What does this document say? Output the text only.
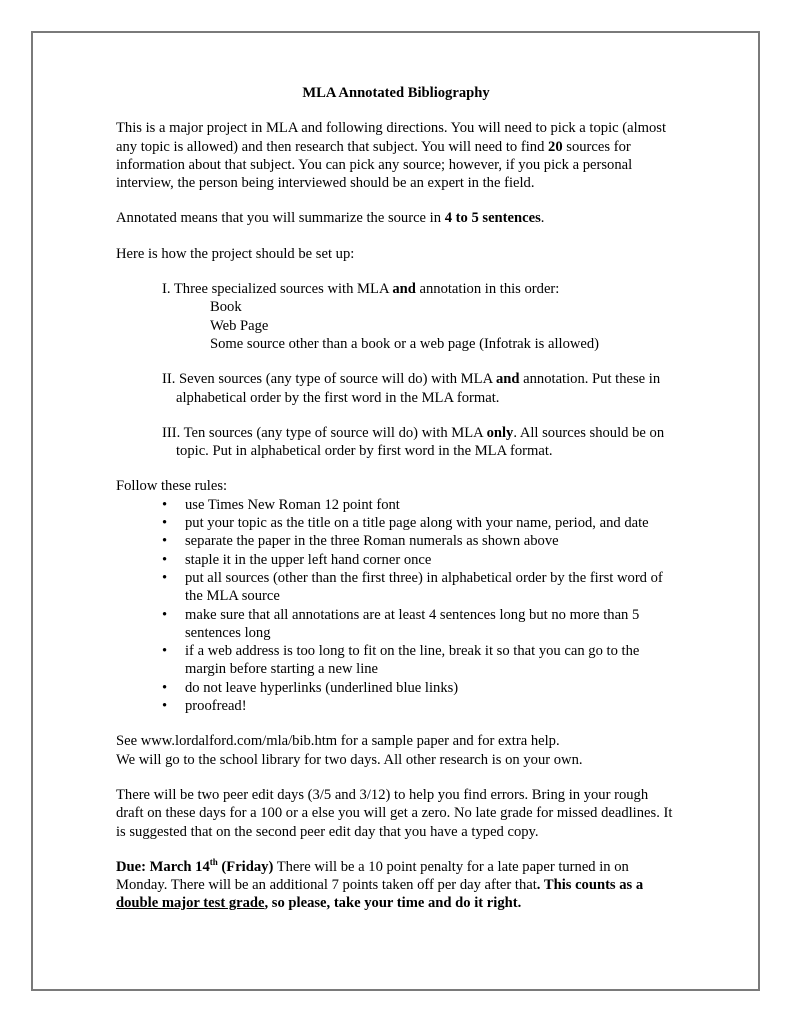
MLA Annotated Bibliography

This is a major project in MLA and following directions. You will need to pick a topic (almost any topic is allowed) and then research that subject. You will need to find 20 sources for information about that subject. You can pick any source; however, if you pick a personal interview, the person being interviewed should be an expert in the field.

Annotated means that you will summarize the source in 4 to 5 sentences.

Here is how the project should be set up:

I. Three specialized sources with MLA and annotation in this order:
Book
Web Page
Some source other than a book or a web page (Infotrak is allowed)

II. Seven sources (any type of source will do) with MLA and annotation. Put these in alphabetical order by the first word in the MLA format.

III. Ten sources (any type of source will do) with MLA only. All sources should be on topic. Put in alphabetical order by first word in the MLA format.

Follow these rules:

• use Times New Roman 12 point font
• put your topic as the title on a title page along with your name, period, and date
• separate the paper in the three Roman numerals as shown above
• staple it in the upper left hand corner once
• put all sources (other than the first three) in alphabetical order by the first word of the MLA source
• make sure that all annotations are at least 4 sentences long but no more than 5 sentences long
• if a web address is too long to fit on the line, break it so that you can go to the margin before starting a new line
• do not leave hyperlinks (underlined blue links)
• proofread!

See www.lordalford.com/mla/bib.htm for a sample paper and for extra help.
We will go to the school library for two days. All other research is on your own.

There will be two peer edit days (3/5 and 3/12) to help you find errors. Bring in your rough draft on these days for a 100 or a else you will get a zero. No late grade for missed deadlines. It is suggested that on the second peer edit day that you have a typed copy.

Due: March 14th (Friday) There will be a 10 point penalty for a late paper turned in on Monday. There will be an additional 7 points taken off per day after that. This counts as a double major test grade, so please, take your time and do it right.
